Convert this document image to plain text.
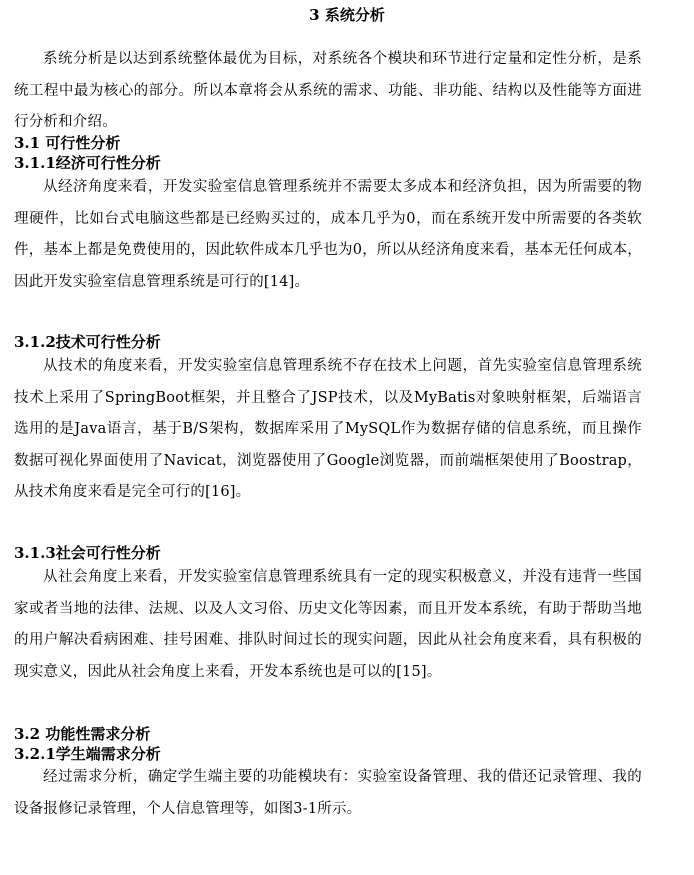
3 系统分析

系统分析是以达到系统整体最优为目标，对系统各个模块和环节进行定量和定性分析，是系统工程中最为核心的部分。所以本章将会从系统的需求、功能、非功能、结构以及性能等方面进行分析和介绍。

3.1 可行性分析
3.1.1经济可行性分析

从经济角度来看，开发实验室信息管理系统并不需要太多成本和经济负担，因为所需要的物理硬件，比如台式电脑这些都是已经购买过的，成本几乎为0，而在系统开发中所需要的各类软件，基本上都是免费使用的，因此软件成本几乎也为0，所以从经济角度来看，基本无任何成本，因此开发实验室信息管理系统是可行的[14]。

3.1.2技术可行性分析

从技术的角度来看，开发实验室信息管理系统不存在技术上问题，首先实验室信息管理系统技术上采用了SpringBoot框架，并且整合了JSP技术，以及MyBatis对象映射框架，后端语言选用的是Java语言，基于B/S架构，数据库采用了MySQL作为数据存储的信息系统，而且操作数据可视化界面使用了Navicat，浏览器使用了Google浏览器，而前端框架使用了Boostrap，从技术角度来看是完全可行的[16]。

3.1.3社会可行性分析

从社会角度上来看，开发实验室信息管理系统具有一定的现实积极意义，并没有违背一些国家或者当地的法律、法规、以及人文习俗、历史文化等因素，而且开发本系统，有助于帮助当地的用户解决看病困难、挂号困难、排队时间过长的现实问题，因此从社会角度来看，具有积极的现实意义，因此从社会角度上来看，开发本系统也是可以的[15]。

3.2 功能性需求分析
3.2.1学生端需求分析

经过需求分析，确定学生端主要的功能模块有：实验室设备管理、我的借还记录管理、我的设备报修记录管理，个人信息管理等，如图3-1所示。
